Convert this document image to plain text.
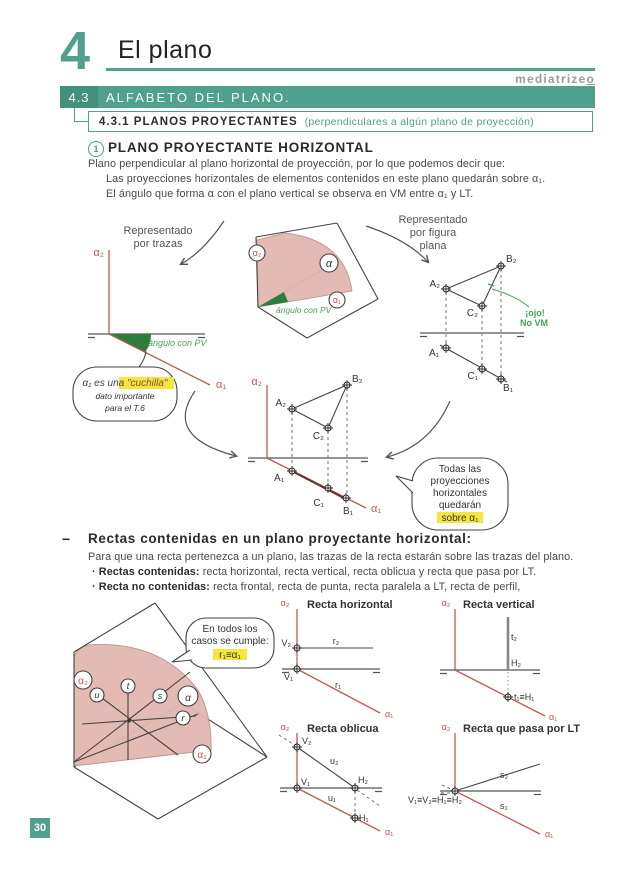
4 El plano
mediatrizeo
4.3	ALFABETO DEL PLANO.
4.3.1 PLANOS PROYECTANTES (perpendiculares a algún plano de proyección)
1 PLANO PROYECTANTE HORIZONTAL
Plano perpendicular al plano horizontal de proyección, por lo que podemos decir que:
Las proyecciones horizontales de elementos contenidos en este plano quedarán sobre α₁.
El ángulo que forma α con el plano vertical se observa en VM entre α₁ y LT.
Representado
por trazas
Representado
por figura
plana
α₂
ángulo con PV
α₁
α₁ es una "cuchilla"
dato importante
para el T.6
ángulo con PV
α₂
α
α₁
A₂
B₂
C₂
A₁
C₁
B₁
¡ojo!
No VM
α₂
α₁
A₂
B₂
C₂
A₁
C₁
B₁
Todas las
proyecciones
horizontales
quedarán
sobre α₁
− Rectas contenidas en un plano proyectante horizontal:
Para que una recta pertenezca a un plano, las trazas de la recta estarán sobre las trazas del plano.
· Rectas contenidas: recta horizontal, recta vertical, recta oblicua y recta que pasa por LT.
· Recta no contenidas: recta frontal, recta de punta, recta paralela a LT, recta de perfil,
u
t
s
r
α₂
α
α₁
En todos los
casos se cumple:
r₁≡α₁
α₂ Recta horizontal
V₂
V₁
r₂
r₁
α₁
α₂ Recta vertical
t₂
H₂
t₁≡H₁
α₁
α₂ Recta oblicua
V₂
V₁
u₂
H₂
u₁
H₁
α₁
α₂ Recta que pasa por LT
V₁≡V₂≡H₁≡H₂
s₂
s₁
α₁
30
